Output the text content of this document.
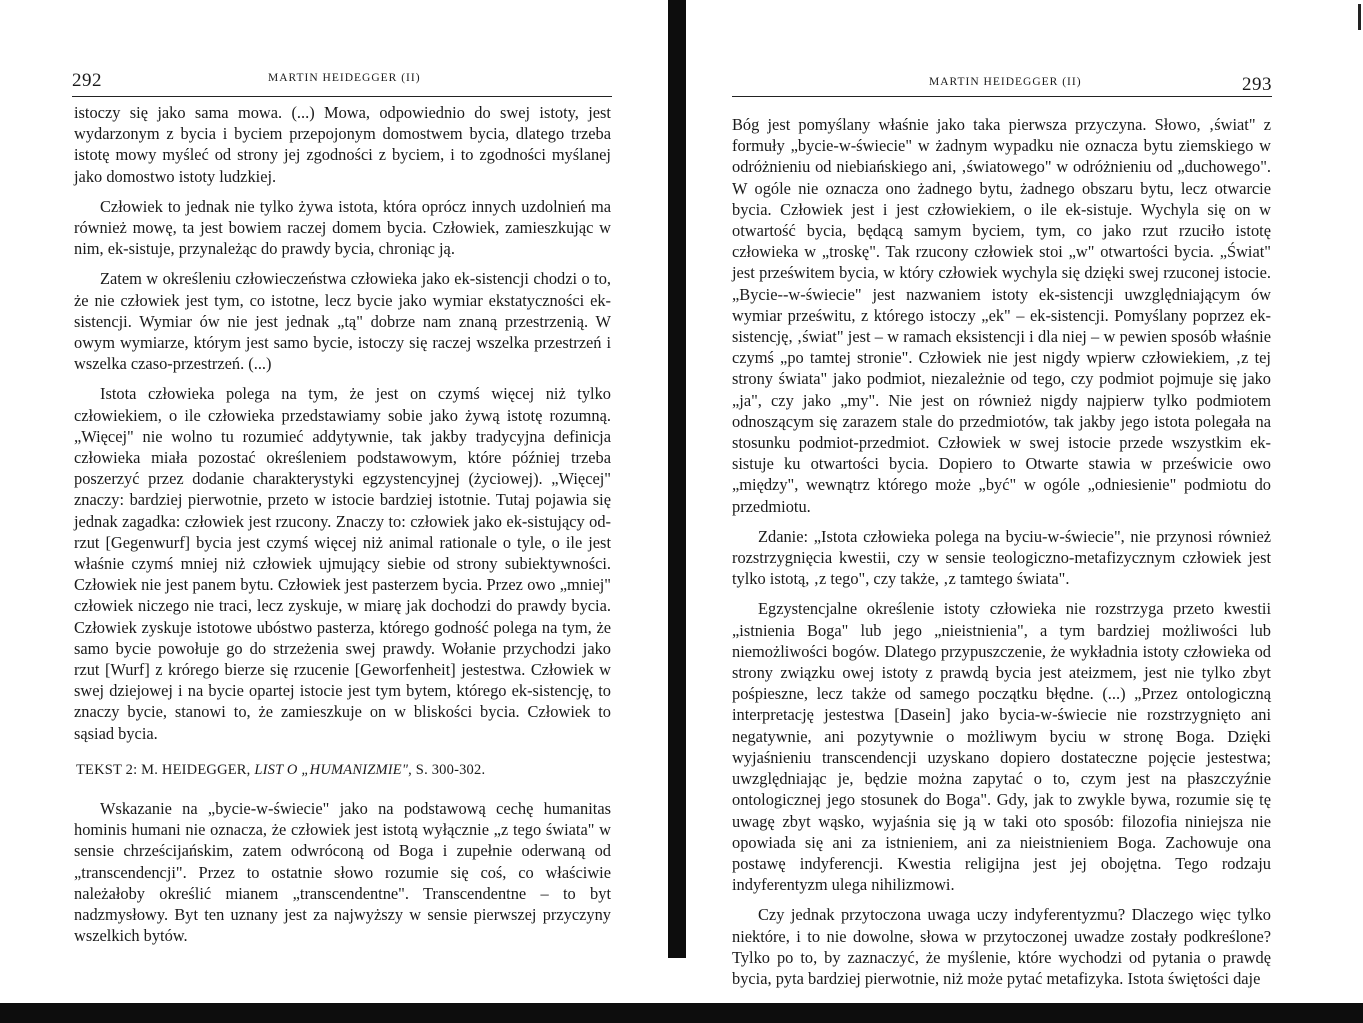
292	MARTIN HEIDEGGER (II)

istoczy się jako sama mowa. (...) Mowa, odpowiednio do swej istoty, jest wydarzonym z bycia i byciem przepojonym domostwem bycia, dlatego trzeba istotę mowy myśleć od strony jej zgodności z byciem, i to zgodności myślanej jako domostwo istoty ludzkiej.

Człowiek to jednak nie tylko żywa istota, która oprócz innych uzdolnień ma również mowę, ta jest bowiem raczej domem bycia. Człowiek, zamieszkując w nim, ek-sistuje, przynależąc do prawdy bycia, chroniąc ją.

Zatem w określeniu człowieczeństwa człowieka jako ek-sistencji chodzi o to, że nie człowiek jest tym, co istotne, lecz bycie jako wymiar ekstatyczności ek-sistencji. Wymiar ów nie jest jednak „tą" dobrze nam znaną przestrzenią. W owym wymiarze, którym jest samo bycie, istoczy się raczej wszelka przestrzeń i wszelka czaso-przestrzeń. (...)

Istota człowieka polega na tym, że jest on czymś więcej niż tylko człowiekiem, o ile człowieka przedstawiamy sobie jako żywą istotę rozumną. „Więcej" nie wolno tu rozumieć addytywnie, tak jakby tradycyjna definicja człowieka miała pozostać określeniem podstawowym, które później trzeba poszerzyć przez dodanie charakterystyki egzystencyjnej (życiowej). „Więcej" znaczy: bardziej pierwotnie, przeto w istocie bardziej istotnie. Tutaj pojawia się jednak zagadka: człowiek jest rzucony. Znaczy to: człowiek jako ek-sistujący od-rzut [Gegenwurf] bycia jest czymś więcej niż animal rationale o tyle, o ile jest właśnie czymś mniej niż człowiek ujmujący siebie od strony subiektywności. Człowiek nie jest panem bytu. Człowiek jest pasterzem bycia. Przez owo „mniej" człowiek niczego nie traci, lecz zyskuje, w miarę jak dochodzi do prawdy bycia. Człowiek zyskuje istotowe ubóstwo pasterza, którego godność polega na tym, że samo bycie powołuje go do strzeżenia swej prawdy. Wołanie przychodzi jako rzut [Wurf] z krórego bierze się rzucenie [Geworfenheit] jestestwa. Człowiek w swej dziejowej i na bycie opartej istocie jest tym bytem, którego ek-sistencję, to znaczy bycie, stanowi to, że zamieszkuje on w bliskości bycia. Człowiek to sąsiad bycia.

TEKST 2: M. HEIDEGGER, LIST O „HUMANIZMIE", S. 300-302.

Wskazanie na „bycie-w-świecie" jako na podstawową cechę humanitas hominis humani nie oznacza, że człowiek jest istotą wyłącznie „z tego świata" w sensie chrześcijańskim, zatem odwróconą od Boga i zupełnie oderwaną od „transcendencji". Przez to ostatnie słowo rozumie się coś, co właściwie należałoby określić mianem „transcendentne". Transcendentne – to byt nadzmysłowy. Byt ten uznany jest za najwyższy w sensie pierwszej przyczyny wszelkich bytów.

MARTIN HEIDEGGER (II)	293

Bóg jest pomyślany właśnie jako taka pierwsza przyczyna. Słowo, ‚świat" z formuły „bycie-w-świecie" w żadnym wypadku nie oznacza bytu ziemskiego w odróżnieniu od niebiańskiego ani, ‚światowego" w odróżnieniu od „duchowego". W ogóle nie oznacza ono żadnego bytu, żadnego obszaru bytu, lecz otwarcie bycia. Człowiek jest i jest człowiekiem, o ile ek-sistuje. Wychyla się on w otwartość bycia, będącą samym byciem, tym, co jako rzut rzuciło istotę człowieka w „troskę". Tak rzucony człowiek stoi „w" otwartości bycia. „Świat" jest prześwitem bycia, w który człowiek wychyla się dzięki swej rzuconej istocie. „Bycie--w-świecie" jest nazwaniem istoty ek-sistencji uwzględniającym ów wymiar prześwitu, z którego istoczy „ek" – ek-sistencji. Pomyślany poprzez ek-sistencję, ‚świat" jest – w ramach eksistencji i dla niej – w pewien sposób właśnie czymś „po tamtej stronie". Człowiek nie jest nigdy wpierw człowiekiem, ‚z tej strony świata" jako podmiot, niezależnie od tego, czy podmiot pojmuje się jako „ja", czy jako „my". Nie jest on również nigdy najpierw tylko podmiotem odnoszącym się zarazem stale do przedmiotów, tak jakby jego istota polegała na stosunku podmiot-przedmiot. Człowiek w swej istocie przede wszystkim ek-sistuje ku otwartości bycia. Dopiero to Otwarte stawia w prześwicie owo „między", wewnątrz którego może „być" w ogóle „odniesienie" podmiotu do przedmiotu.

Zdanie: „Istota człowieka polega na byciu-w-świecie", nie przynosi również rozstrzygnięcia kwestii, czy w sensie teologiczno-metafizycznym człowiek jest tylko istotą, ‚z tego", czy także, ‚z tamtego świata".

Egzystencjalne określenie istoty człowieka nie rozstrzyga przeto kwestii „istnienia Boga" lub jego „nieistnienia", a tym bardziej możliwości lub niemożliwości bogów. Dlatego przypuszczenie, że wykładnia istoty człowieka od strony związku owej istoty z prawdą bycia jest ateizmem, jest nie tylko zbyt pośpieszne, lecz także od samego początku błędne. (...) „Przez ontologiczną interpretację jestestwa [Dasein] jako bycia-w-świecie nie rozstrzygnięto ani negatywnie, ani pozytywnie o możliwym byciu w stronę Boga. Dzięki wyjaśnieniu transcendencji uzyskano dopiero dostateczne pojęcie jestestwa; uwzględniając je, będzie można zapytać o to, czym jest na płaszczyźnie ontologicznej jego stosunek do Boga". Gdy, jak to zwykle bywa, rozumie się tę uwagę zbyt wąsko, wyjaśnia się ją w taki oto sposób: filozofia niniejsza nie opowiada się ani za istnieniem, ani za nieistnieniem Boga. Zachowuje ona postawę indyferencji. Kwestia religijna jest jej obojętna. Tego rodzaju indyferentyzm ulega nihilizmowi.

Czy jednak przytoczona uwaga uczy indyferentyzmu? Dlaczego więc tylko niektóre, i to nie dowolne, słowa w przytoczonej uwadze zostały podkreślone? Tylko po to, by zaznaczyć, że myślenie, które wychodzi od pytania o prawdę bycia, pyta bardziej pierwotnie, niż może pytać metafizyka. Istota świętości daje
